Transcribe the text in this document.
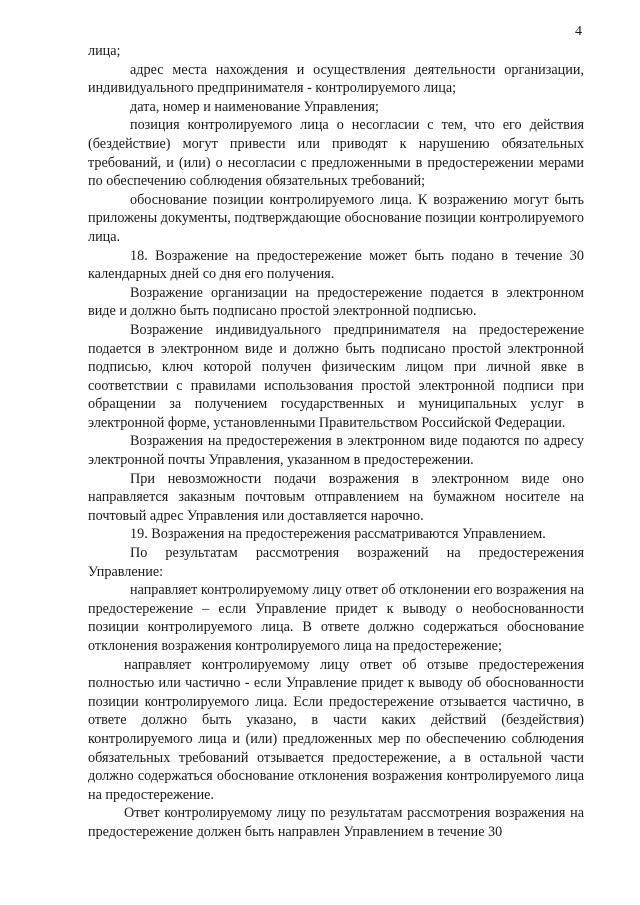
4

лица;

адрес места нахождения и осуществления деятельности организации, индивидуального предпринимателя - контролируемого лица;

дата, номер и наименование Управления;

позиция контролируемого лица о несогласии с тем, что его действия (бездействие) могут привести или приводят к нарушению обязательных требований, и (или) о несогласии с предложенными в предостережении мерами по обеспечению соблюдения обязательных требований;

обоснование позиции контролируемого лица. К возражению могут быть приложены документы, подтверждающие обоснование позиции контролируемого лица.

18. Возражение на предостережение может быть подано в течение 30 календарных дней со дня его получения.

Возражение организации на предостережение подается в электронном виде и должно быть подписано простой электронной подписью.

Возражение индивидуального предпринимателя на предостережение подается в электронном виде и должно быть подписано простой электронной подписью, ключ которой получен физическим лицом при личной явке в соответствии с правилами использования простой электронной подписи при обращении за получением государственных и муниципальных услуг в электронной форме, установленными Правительством Российской Федерации.

Возражения на предостережения в электронном виде подаются по адресу электронной почты Управления, указанном в предостережении.

При невозможности подачи возражения в электронном виде оно направляется заказным почтовым отправлением на бумажном носителе на почтовый адрес Управления или доставляется нарочно.

19. Возражения на предостережения рассматриваются Управлением.

По результатам рассмотрения возражений на предостережения Управление:

направляет контролируемому лицу ответ об отклонении его возражения на предостережение – если Управление придет к выводу о необоснованности позиции контролируемого лица. В ответе должно содержаться обоснование отклонения возражения контролируемого лица на предостережение;

направляет контролируемому лицу ответ об отзыве предостережения полностью или частично - если Управление придет к выводу об обоснованности позиции контролируемого лица. Если предостережение отзывается частично, в ответе должно быть указано, в части каких действий (бездействия) контролируемого лица и (или) предложенных мер по обеспечению соблюдения обязательных требований отзывается предостережение, а в остальной части должно содержаться обоснование отклонения возражения контролируемого лица на предостережение.

Ответ контролируемому лицу по результатам рассмотрения возражения на предостережение должен быть направлен Управлением в течение 30
